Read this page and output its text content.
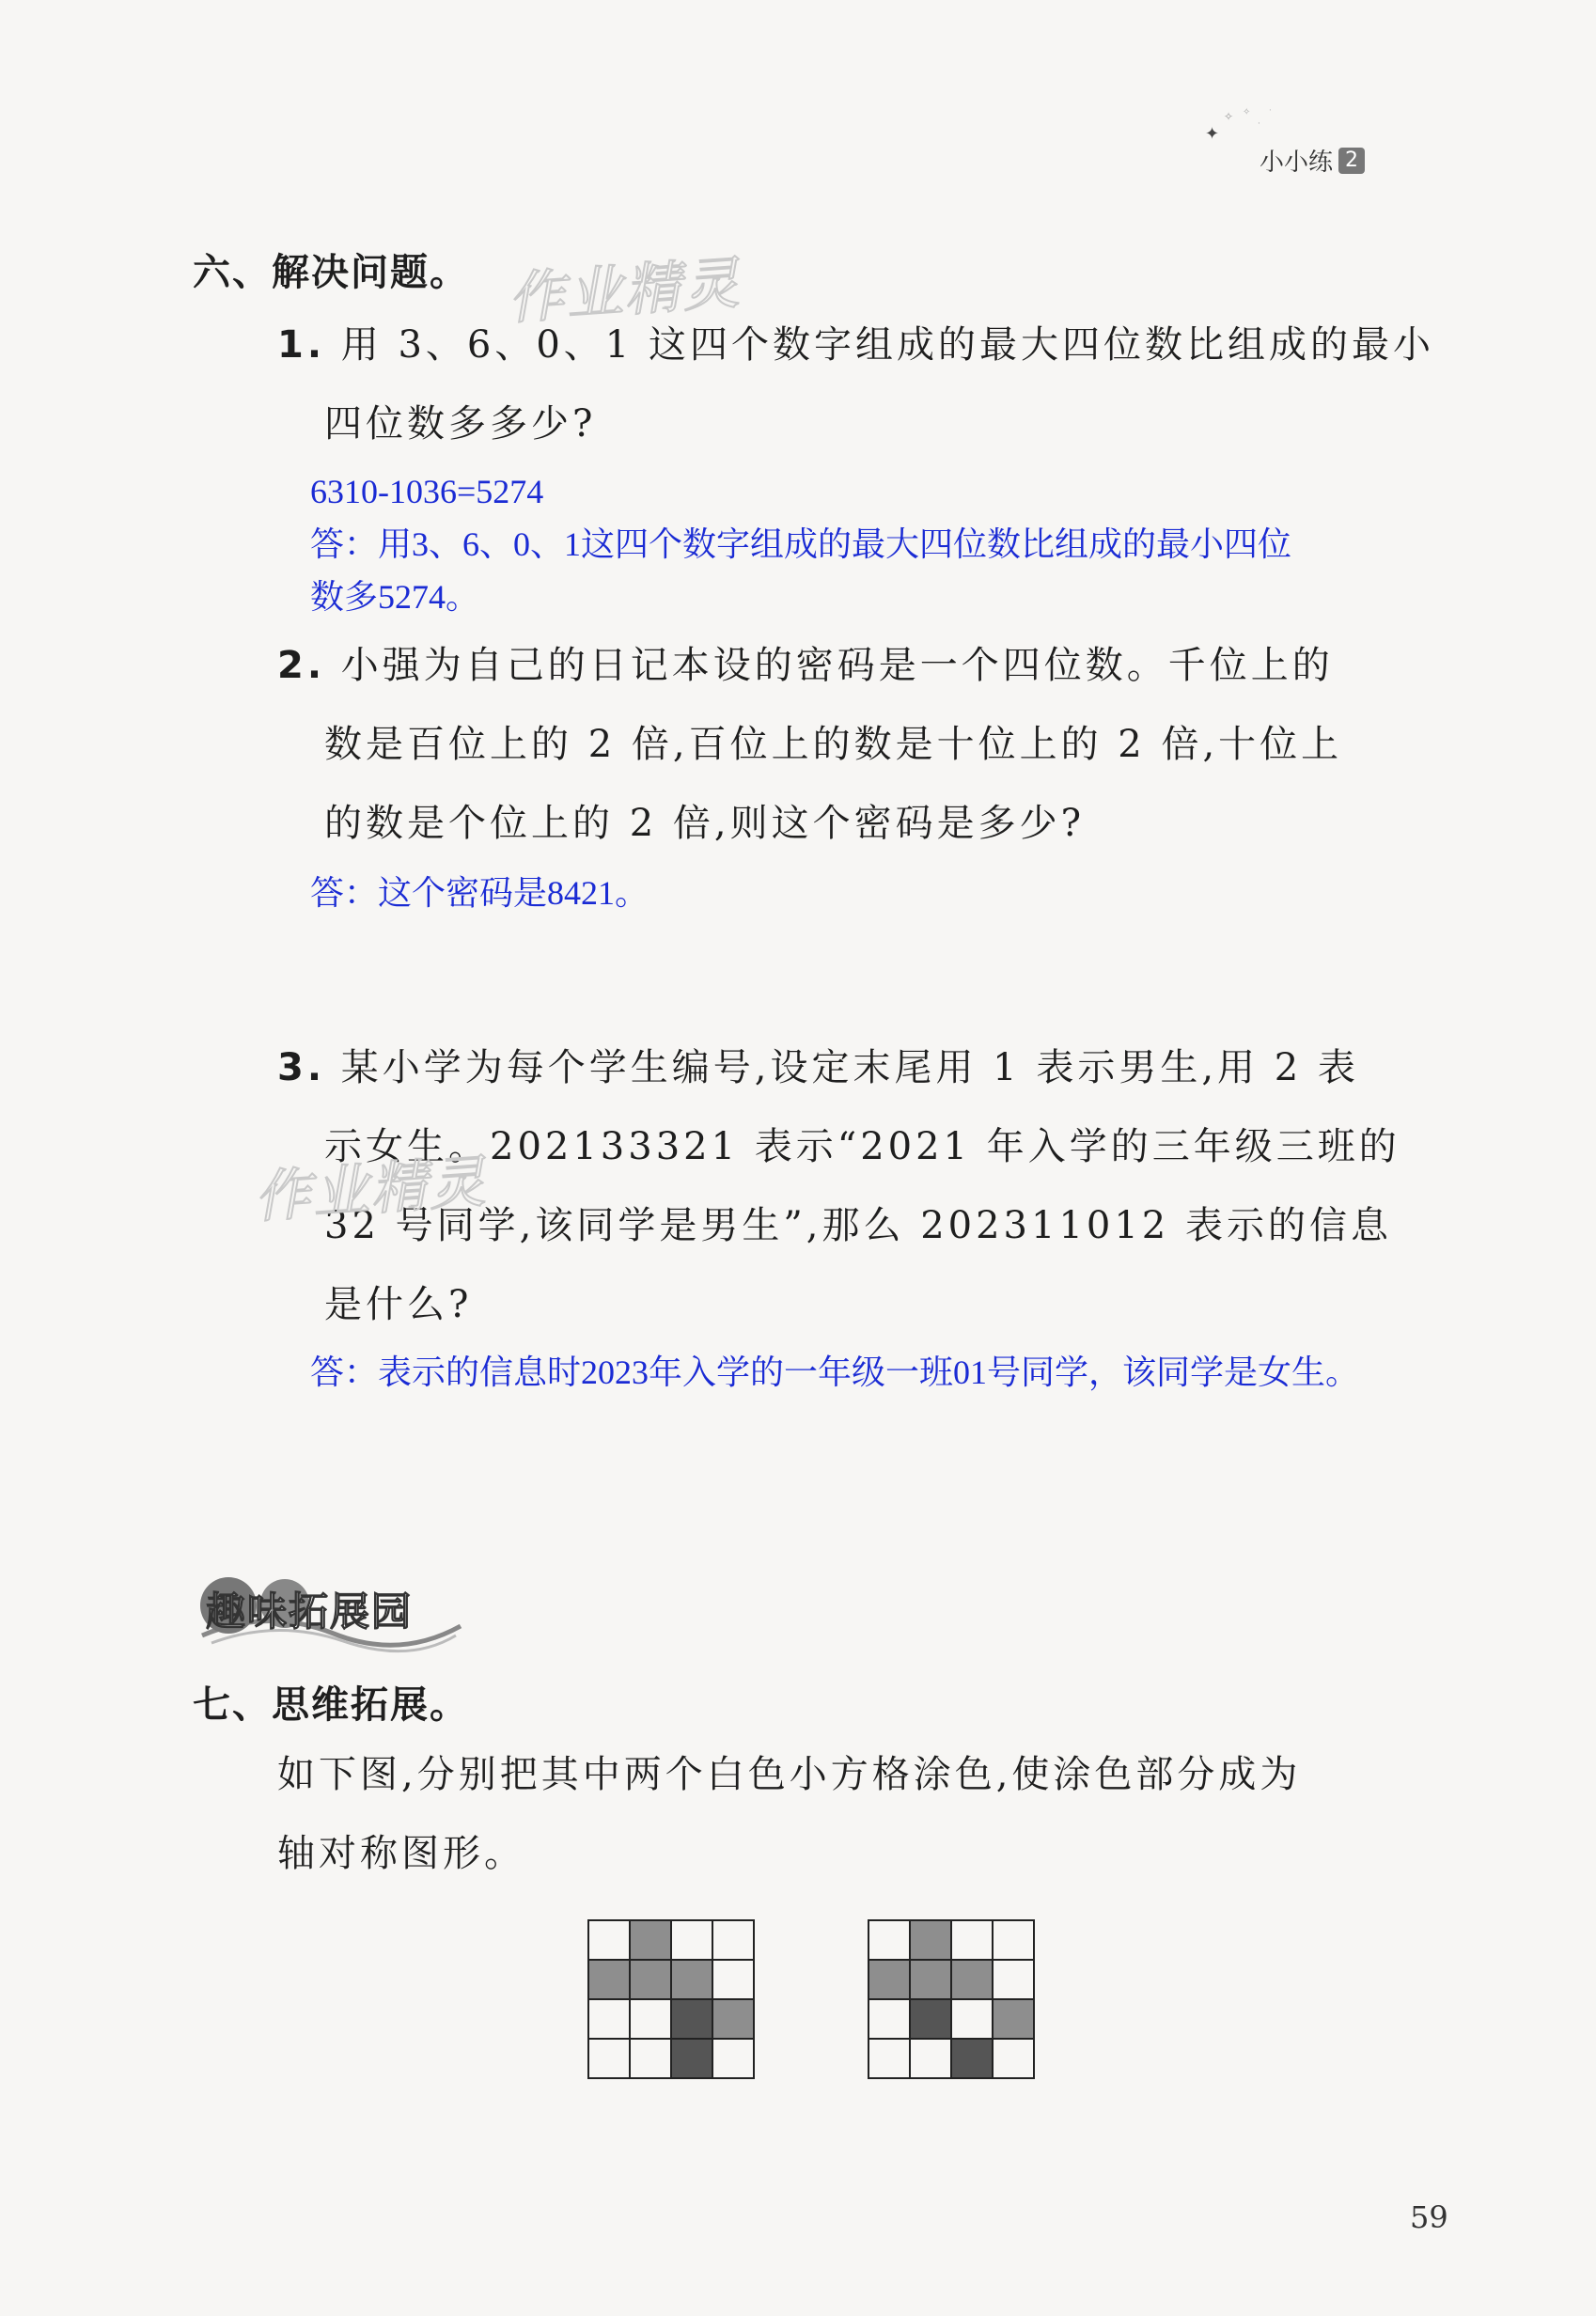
✦
✧ ✧
·
·
小小练 2
六、解决问题。 作业精灵
1. 用 3、6、0、1 这四个数字组成的最大四位数比组成的最小
四位数多多少?
6310-1036=5274
答：用3、6、0、1这四个数字组成的最大四位数比组成的最小四位
数多5274。
2. 小强为自己的日记本设的密码是一个四位数。千位上的
数是百位上的 2 倍,百位上的数是十位上的 2 倍,十位上
的数是个位上的 2 倍,则这个密码是多少?
答：这个密码是8421。
3. 某小学为每个学生编号,设定末尾用 1 表示男生,用 2 表
示女生。202133321 表示“2021 年入学的三年级三班的
32 号同学,该同学是男生”,那么 202311012 表示的信息
是什么?
作业精灵
答：表示的信息时2023年入学的一年级一班01号同学，该同学是女生。
趣味拓展园
七、思维拓展。
如下图,分别把其中两个白色小方格涂色,使涂色部分成为
轴对称图形。

59
